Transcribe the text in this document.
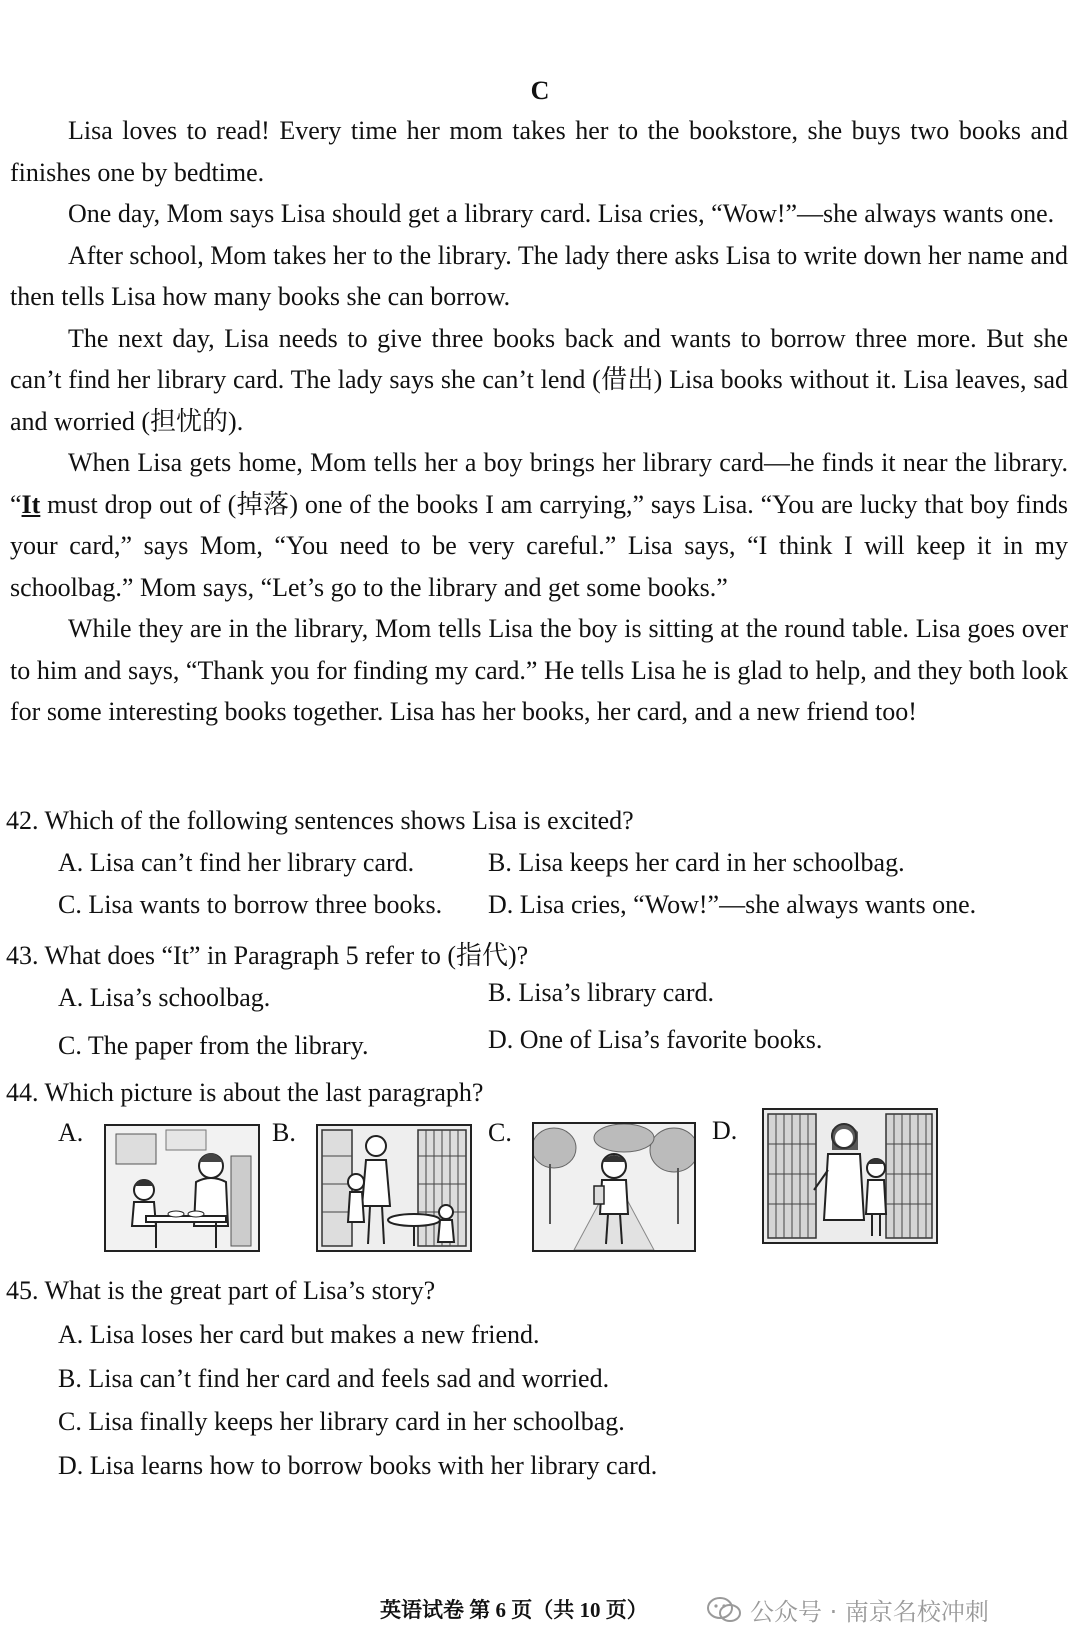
C

Lisa loves to read! Every time her mom takes her to the bookstore, she buys two books and finishes one by bedtime.

One day, Mom says Lisa should get a library card. Lisa cries, “Wow!”—she always wants one.

After school, Mom takes her to the library. The lady there asks Lisa to write down her name and then tells Lisa how many books she can borrow.

The next day, Lisa needs to give three books back and wants to borrow three more. But she can’t find her library card. The lady says she can’t lend (借出) Lisa books without it. Lisa leaves, sad and worried (担忧的).

When Lisa gets home, Mom tells her a boy brings her library card—he finds it near the library. “It must drop out of (掉落) one of the books I am carrying,” says Lisa. “You are lucky that boy finds your card,” says Mom, “You need to be very careful.” Lisa says, “I think I will keep it in my schoolbag.” Mom says, “Let’s go to the library and get some books.”

While they are in the library, Mom tells Lisa the boy is sitting at the round table. Lisa goes over to him and says, “Thank you for finding my card.” He tells Lisa he is glad to help, and they both look for some interesting books together. Lisa has her books, her card, and a new friend too!

42. Which of the following sentences shows Lisa is excited?
A. Lisa can’t find her library card.	B. Lisa keeps her card in her schoolbag.
C. Lisa wants to borrow three books. D. Lisa cries, “Wow!”—she always wants one.
43. What does “It” in Paragraph 5 refer to (指代)?
A. Lisa’s schoolbag.	B. Lisa’s library card.
C. The paper from the library.	D. One of Lisa’s favorite books.
44. Which picture is about the last paragraph?
A.	B.	C.	D.
45. What is the great part of Lisa’s story?
A. Lisa loses her card but makes a new friend.
B. Lisa can’t find her card and feels sad and worried.
C. Lisa finally keeps her library card in her schoolbag.
D. Lisa learns how to borrow books with her library card.
英语试卷 第 6 页（共 10 页）	公众号 · 南京名校冲刺
